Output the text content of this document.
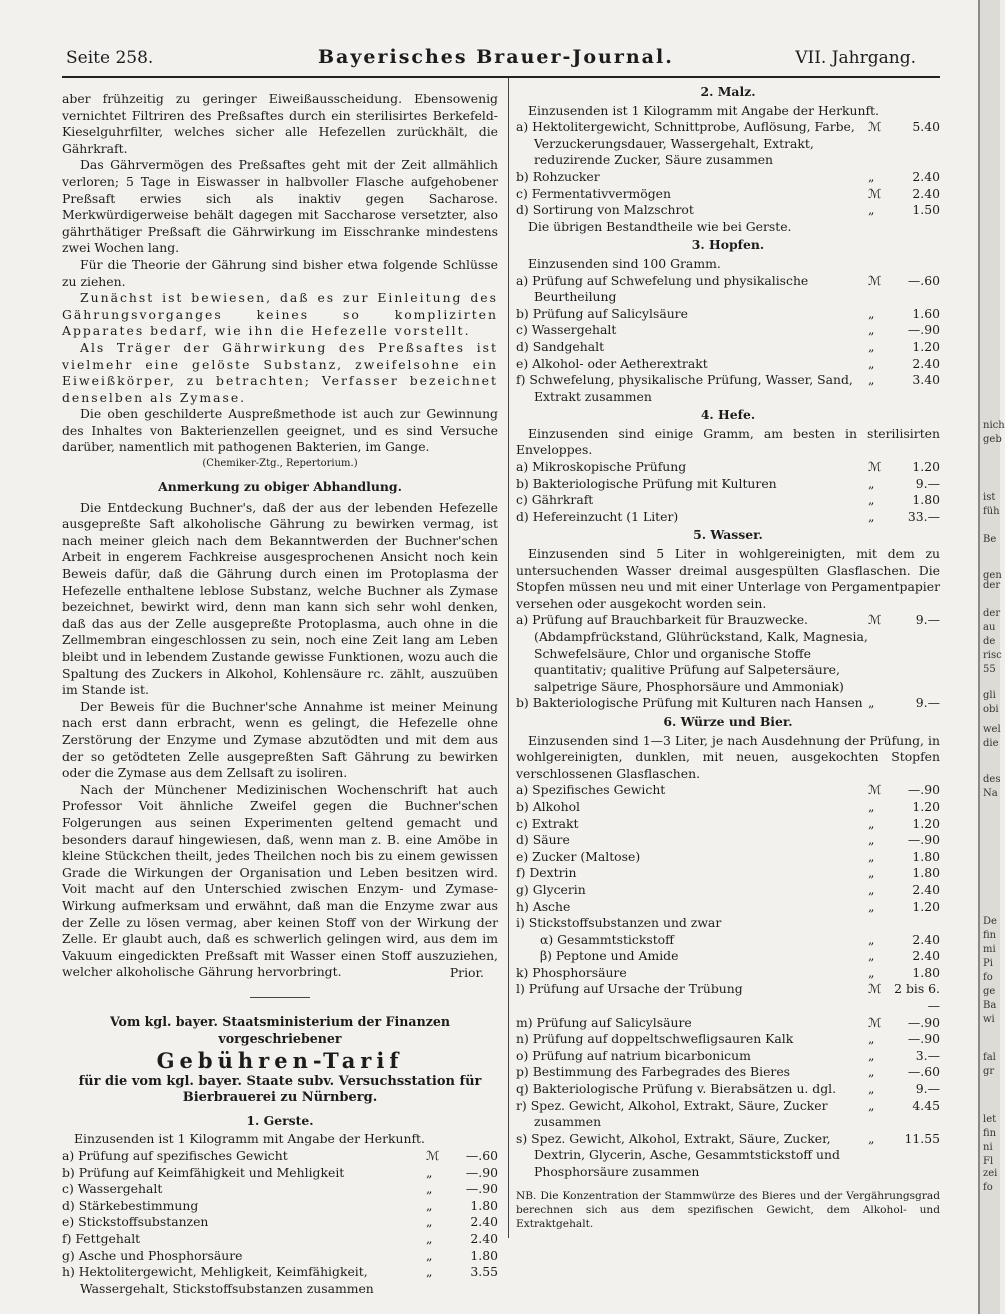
Seite 258.	Bayerisches Brauer-Journal.	VII. Jahrgang.
aber frühzeitig zu geringer Eiweißausscheidung. Ebensowenig vernichtet Filtriren des Preßsaftes durch ein sterilisirtes Berkefeld-Kieselguhrfilter, welches sicher alle Hefezellen zurückhält, die Gährkraft.
Das Gährvermögen des Preßsaftes geht mit der Zeit allmählich verloren; 5 Tage in Eiswasser in halbvoller Flasche aufgehobener Preßsaft erwies sich als inaktiv gegen Sacharose. Merkwürdigerweise behält dagegen mit Saccharose versetzter, also gährthätiger Preßsaft die Gährwirkung im Eisschranke mindestens zwei Wochen lang.
Für die Theorie der Gährung sind bisher etwa folgende Schlüsse zu ziehen.
Zunächst ist bewiesen, daß es zur Einleitung des Gährungsvorganges keines so komplizirten Apparates bedarf, wie ihn die Hefezelle vorstellt.
Als Träger der Gährwirkung des Preßsaftes ist vielmehr eine gelöste Substanz, zweifelsohne ein Eiweißkörper, zu betrachten; Verfasser bezeichnet denselben als Zymase.
Die oben geschilderte Auspreßmethode ist auch zur Gewinnung des Inhaltes von Bakterienzellen geeignet, und es sind Versuche darüber, namentlich mit pathogenen Bakterien, im Gange.
(Chemiker-Ztg., Repertorium.)
Anmerkung zu obiger Abhandlung.
Die Entdeckung Buchner's, daß der aus der lebenden Hefezelle ausgepreßte Saft alkoholische Gährung zu bewirken vermag, ist nach meiner gleich nach dem Bekanntwerden der Buchner'schen Arbeit in engerem Fachkreise ausgesprochenen Ansicht noch kein Beweis dafür, daß die Gährung durch einen im Protoplasma der Hefezelle enthaltene leblose Substanz, welche Buchner als Zymase bezeichnet, bewirkt wird, denn man kann sich sehr wohl denken, daß das aus der Zelle ausgepreßte Protoplasma, auch ohne in die Zellmembran eingeschlossen zu sein, noch eine Zeit lang am Leben bleibt und in lebendem Zustande gewisse Funktionen, wozu auch die Spaltung des Zuckers in Alkohol, Kohlensäure rc. zählt, auszuüben im Stande ist.
Der Beweis für die Buchner'sche Annahme ist meiner Meinung nach erst dann erbracht, wenn es gelingt, die Hefezelle ohne Zerstörung der Enzyme und Zymase abzutödten und mit dem aus der so getödteten Zelle ausgepreßten Saft Gährung zu bewirken oder die Zymase aus dem Zellsaft zu isoliren.
Nach der Münchener Medizinischen Wochenschrift hat auch Professor Voit ähnliche Zweifel gegen die Buchner'schen Folgerungen aus seinen Experimenten geltend gemacht und besonders darauf hingewiesen, daß, wenn man z. B. eine Amöbe in kleine Stückchen theilt, jedes Theilchen noch bis zu einem gewissen Grade die Wirkungen der Organisation und Leben besitzen wird. Voit macht auf den Unterschied zwischen Enzym- und Zymase-Wirkung aufmerksam und erwähnt, daß man die Enzyme zwar aus der Zelle zu lösen vermag, aber keinen Stoff von der Wirkung der Zelle. Er glaubt auch, daß es schwerlich gelingen wird, aus dem im Vakuum eingedickten Preßsaft mit Wasser einen Stoff auszuziehen, welcher alkoholische Gährung hervorbringt.	Prior.
Vom kgl. bayer. Staatsministerium der Finanzen vorgeschriebener
Gebühren-Tarif
für die vom kgl. bayer. Staate subv. Versuchsstation für Bierbrauerei zu Nürnberg.
1. Gerste.
Einzusenden ist 1 Kilogramm mit Angabe der Herkunft.
a) Prüfung auf spezifisches Gewicht	ℳ	—.60
b) Prüfung auf Keimfähigkeit und Mehligkeit	„	—.90
c) Wassergehalt	„	—.90
d) Stärkebestimmung	„	1.80
e) Stickstoffsubstanzen	„	2.40
f) Fettgehalt	„	2.40
g) Asche und Phosphorsäure	„	1.80
h) Hektolitergewicht, Mehligkeit, Keimfähigkeit, Wassergehalt, Stickstoffsubstanzen zusammen
„	3.55
2. Malz.
Einzusenden ist 1 Kilogramm mit Angabe der Herkunft.
a) Hektolitergewicht, Schnittprobe, Auflösung, Farbe, Verzuckerungsdauer, Wassergehalt, Extrakt, reduzirende Zucker, Säure zusammen
ℳ	5.40
b) Rohzucker	„	2.40
c) Fermentativvermögen	ℳ	2.40
d) Sortirung von Malzschrot	„	1.50
Die übrigen Bestandtheile wie bei Gerste.
3. Hopfen.
Einzusenden sind 100 Gramm.
a) Prüfung auf Schwefelung und physikalische Beurtheilung
ℳ	—.60
b) Prüfung auf Salicylsäure	„	1.60
c) Wassergehalt	„	—.90
d) Sandgehalt	„	1.20
e) Alkohol- oder Aetherextrakt	„	2.40
f) Schwefelung, physikalische Prüfung, Wasser, Sand, Extrakt zusammen
„	3.40
4. Hefe.
Einzusenden sind einige Gramm, am besten in sterilisirten Enveloppes.
a) Mikroskopische Prüfung	ℳ	1.20
b) Bakteriologische Prüfung mit Kulturen	„	9.—
c) Gährkraft	„	1.80
d) Hefereinzucht (1 Liter)	„	33.—
5. Wasser.
Einzusenden sind 5 Liter in wohlgereinigten, mit dem zu untersuchenden Wasser dreimal ausgespülten Glasflaschen. Die Stopfen müssen neu und mit einer Unterlage von Pergamentpapier versehen oder ausgekocht worden sein.
a) Prüfung auf Brauchbarkeit für Brauzwecke. (Abdampfrückstand, Glührückstand, Kalk, Magnesia, Schwefelsäure, Chlor und organische Stoffe quantitativ; qualitive Prüfung auf Salpetersäure, salpetrige Säure, Phosphorsäure und Ammoniak)
ℳ	9.—
b) Bakteriologische Prüfung mit Kulturen nach Hansen „	9.—
6. Würze und Bier.
Einzusenden sind 1—3 Liter, je nach Ausdehnung der Prüfung, in wohlgereinigten, dunklen, mit neuen, ausgekochten Stopfen verschlossenen Glasflaschen.
a) Spezifisches Gewicht	ℳ	—.90
b) Alkohol	„	1.20
c) Extrakt	„	1.20
d) Säure	„	—.90
e) Zucker (Maltose)	„	1.80
f) Dextrin	„	1.80
g) Glycerin	„	2.40
h) Asche	„	1.20
i) Stickstoffsubstanzen und zwar
α) Gesammtstickstoff	„	2.40
β) Peptone und Amide	„	2.40
k) Phosphorsäure	„	1.80
l) Prüfung auf Ursache der Trübung	ℳ	2 bis 6.—
m) Prüfung auf Salicylsäure	ℳ	—.90
n) Prüfung auf doppeltschwefligsauren Kalk	„	—.90
o) Prüfung auf natrium bicarbonicum	„	3.—
p) Bestimmung des Farbegrades des Bieres	„	—.60
q) Bakteriologische Prüfung v. Bierabsätzen u. dgl.	„	9.—
r) Spez. Gewicht, Alkohol, Extrakt, Säure, Zucker zusammen
„	4.45
s) Spez. Gewicht, Alkohol, Extrakt, Säure, Zucker, Dextrin, Glycerin, Asche, Gesammtstickstoff und Phosphorsäure zusammen
„	11.55
NB. Die Konzentration der Stammwürze des Bieres und der Vergährungsgrad berechnen sich aus dem spezifischen Gewicht, dem Alkohol- und Extraktgehalt.
nich
geb
ist
füh
Be
gen
der
der
au
de
risc
55
gli
obi
wel
die
des
Na
De
fin
mi
Pi
fo
ge
Ba
wi
fal
gr
let
fin
ni
Fl
zei
fo
